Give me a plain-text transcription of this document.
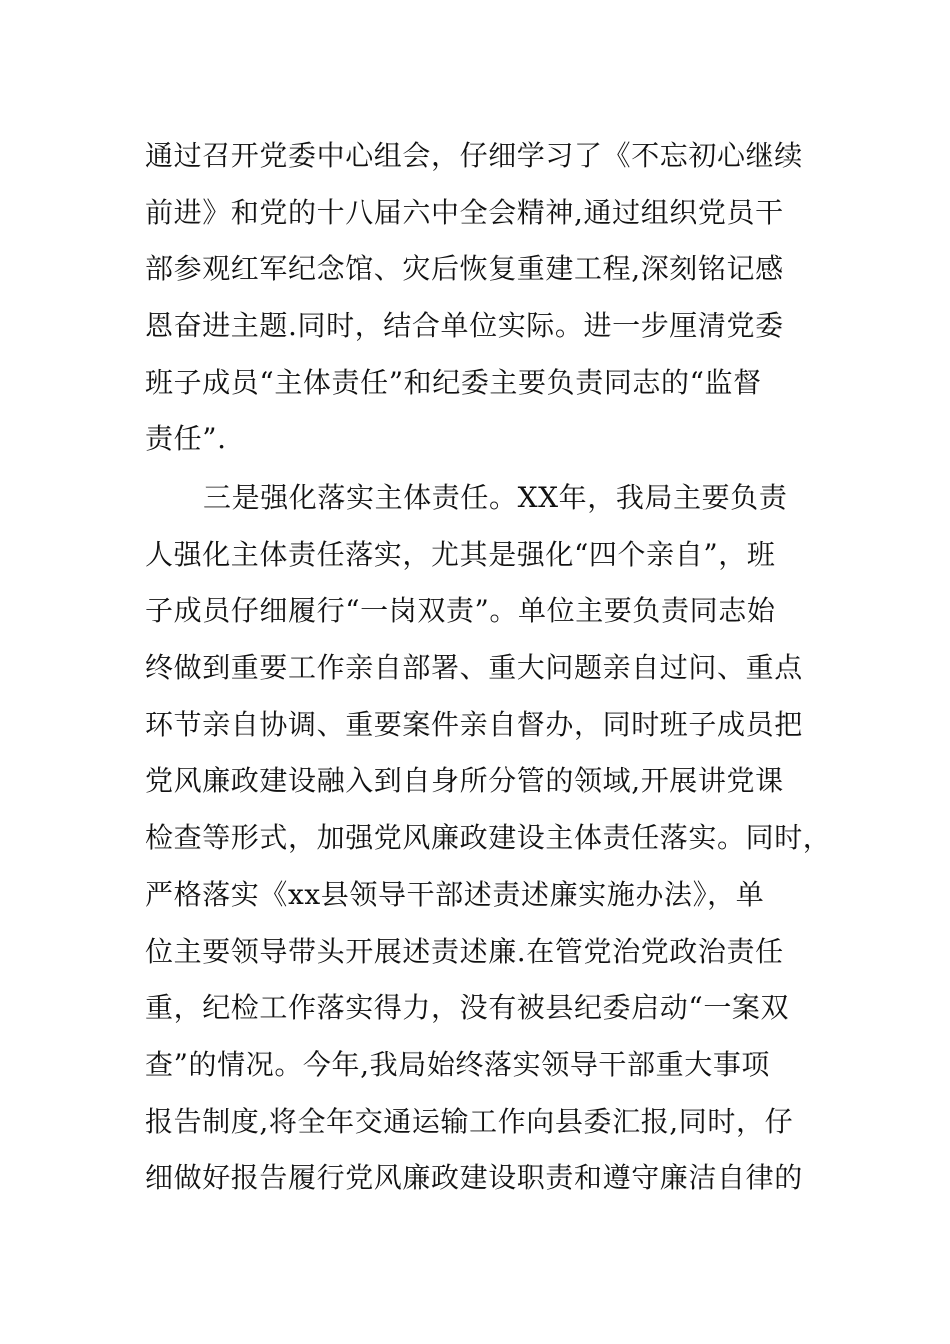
通过召开党委中心组会，仔细学习了《不忘初心继续
前进》和党的十八届六中全会精神,通过组织党员干
部参观红军纪念馆、灾后恢复重建工程,深刻铭记感
恩奋进主题.同时，结合单位实际。进一步厘清党委
班子成员“主体责任”和纪委主要负责同志的“监督
责任”.
三是强化落实主体责任。XX年，我局主要负责
人强化主体责任落实，尤其是强化“四个亲自”，班
子成员仔细履行“一岗双责”。单位主要负责同志始
终做到重要工作亲自部署、重大问题亲自过问、重点
环节亲自协调、重要案件亲自督办，同时班子成员把
党风廉政建设融入到自身所分管的领域,开展讲党课
检查等形式，加强党风廉政建设主体责任落实。同时，
严格落实《xx县领导干部述责述廉实施办法》，单
位主要领导带头开展述责述廉.在管党治党政治责任
重，纪检工作落实得力，没有被县纪委启动“一案双
查”的情况。今年,我局始终落实领导干部重大事项
报告制度,将全年交通运输工作向县委汇报,同时，仔
细做好报告履行党风廉政建设职责和遵守廉洁自律的
